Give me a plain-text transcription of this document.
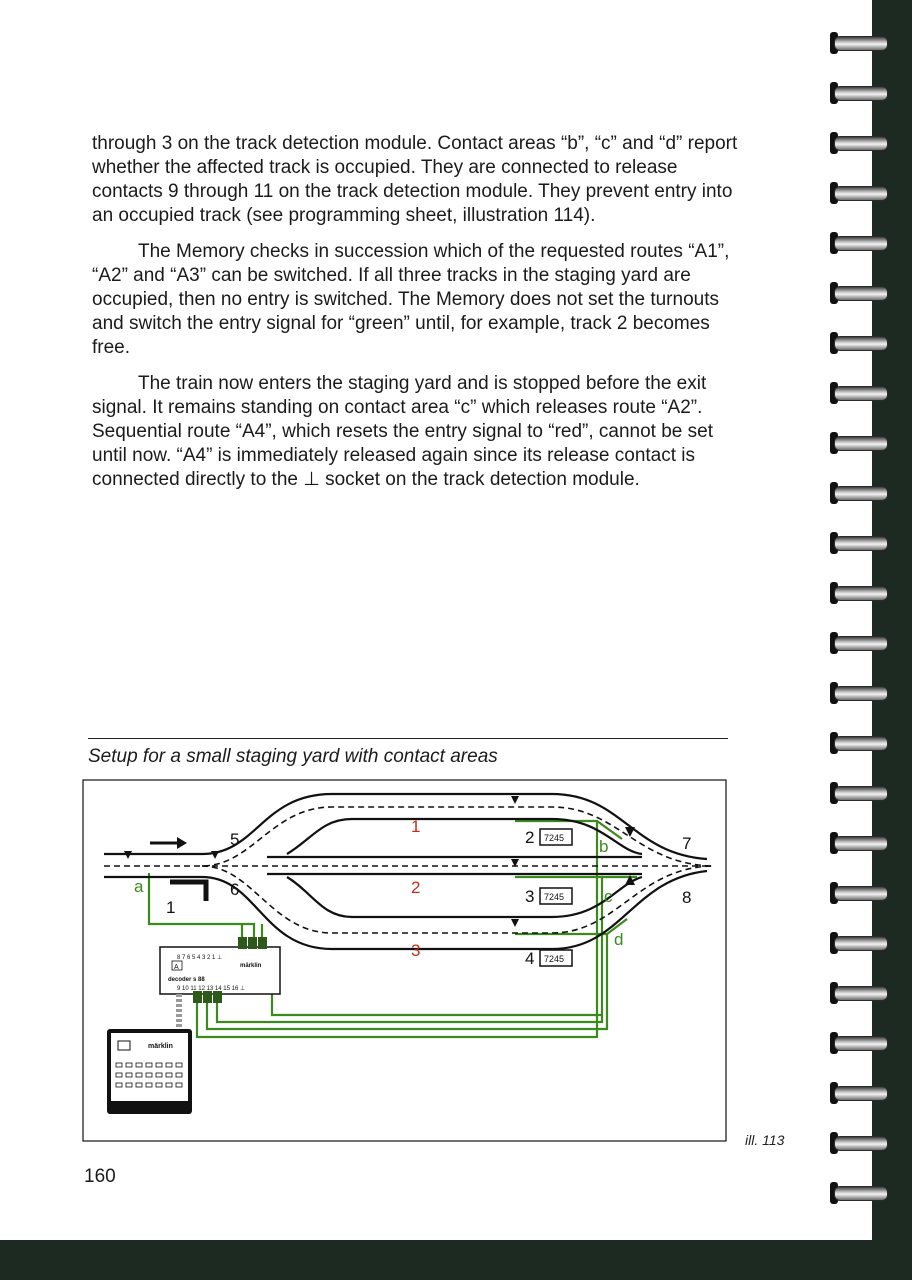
through 3 on the track detection module. Contact areas “b”, “c” and “d” report whether the affected track is occupied. They are connected to release contacts 9 through 11 on the track detection module. They prevent entry into an occupied track (see programming sheet, illustration 114).

The Memory checks in succession which of the requested routes “A1”, “A2” and “A3” can be switched. If all three tracks in the staging yard are occupied, then no entry is switched. The Memory does not set the turnouts and switch the entry signal for “green” until, for example, track 2 becomes free.

The train now enters the staging yard and is stopped before the exit signal. It remains standing on contact area “c” which releases route “A2”. Sequential route “A4”, which resets the entry signal to “red”, cannot be set until now. “A4” is immediately released again since its release contact is connected directly to the ⊥ socket on the track detection module.

Setup for a small staging yard with contact areas

1
5
6
7
8
1
2
3
2 7245
3 7245
4 7245
a
b
c
d
8 7 6 5 4 3 2 1 ⊥
A	märklin
decoder s 88
9 10 11 12 13 14 15 16 ⊥
märklin
memory

ill. 113

160
